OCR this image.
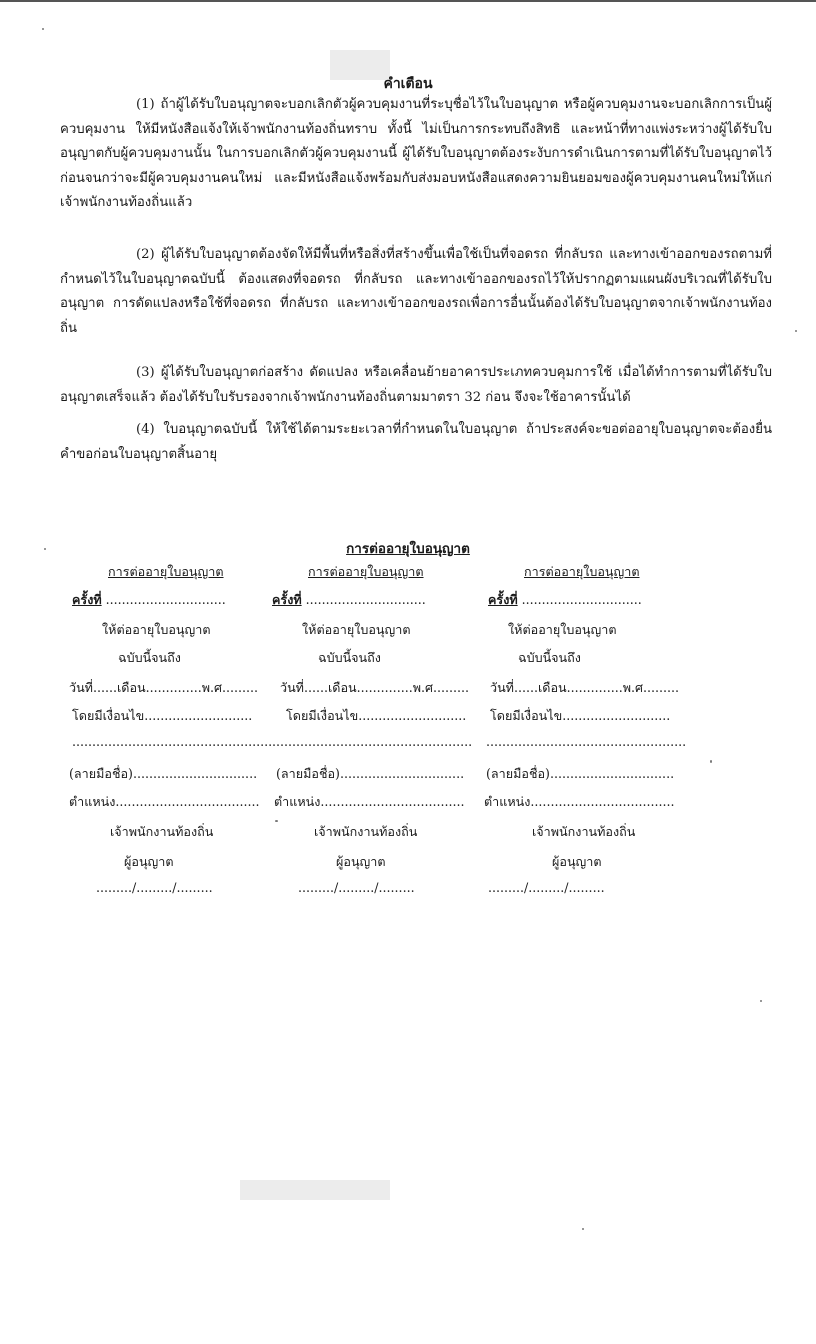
คำเตือน

(1) ถ้าผู้ได้รับใบอนุญาตจะบอกเลิกตัวผู้ควบคุมงานที่ระบุชื่อไว้ในใบอนุญาต หรือผู้ควบคุมงานจะบอกเลิกการเป็นผู้ควบคุมงาน ให้มีหนังสือแจ้งให้เจ้าพนักงานท้องถิ่นทราบ ทั้งนี้ ไม่เป็นการกระทบถึงสิทธิ และหน้าที่ทางแพ่งระหว่างผู้ได้รับใบอนุญาตกับผู้ควบคุมงานนั้น ในการบอกเลิกตัวผู้ควบคุมงานนี้ ผู้ได้รับใบอนุญาตต้องระงับการดำเนินการตามที่ได้รับใบอนุญาตไว้ก่อนจนกว่าจะมีผู้ควบคุมงานคนใหม่ และมีหนังสือแจ้งพร้อมกับส่งมอบหนังสือแสดงความยินยอมของผู้ควบคุมงานคนใหม่ให้แก่เจ้าพนักงานท้องถิ่นแล้ว

(2) ผู้ได้รับใบอนุญาตต้องจัดให้มีพื้นที่หรือสิ่งที่สร้างขึ้นเพื่อใช้เป็นที่จอดรถ ที่กลับรถ และทางเข้าออกของรถตามที่กำหนดไว้ในใบอนุญาตฉบับนี้ ต้องแสดงที่จอดรถ ที่กลับรถ และทางเข้าออกของรถไว้ให้ปรากฏตามแผนผังบริเวณที่ได้รับใบอนุญาต การดัดแปลงหรือใช้ที่จอดรถ ที่กลับรถ และทางเข้าออกของรถเพื่อการอื่นนั้นต้องได้รับใบอนุญาตจากเจ้าพนักงานท้องถิ่น

(3) ผู้ได้รับใบอนุญาตก่อสร้าง ดัดแปลง หรือเคลื่อนย้ายอาคารประเภทควบคุมการใช้ เมื่อได้ทำการตามที่ได้รับใบอนุญาตเสร็จแล้ว ต้องได้รับใบรับรองจากเจ้าพนักงานท้องถิ่นตามมาตรา 32 ก่อน จึงจะใช้อาคารนั้นได้

(4) ใบอนุญาตฉบับนี้ ให้ใช้ได้ตามระยะเวลาที่กำหนดในใบอนุญาต ถ้าประสงค์จะขอต่ออายุใบอนุญาตจะต้องยื่นคำขอก่อนใบอนุญาตสิ้นอายุ

การต่ออายุใบอนุญาต
การต่ออายุใบอนุญาต
ครั้งที่ ..............................
ให้ต่ออายุใบอนุญาต
ฉบับนี้จนถึง
วันที่......เดือน..............พ.ศ.........
โดยมีเงื่อนไข...........................
..................................................
(ลายมือชื่อ)...............................
ตำแหน่ง....................................
เจ้าพนักงานท้องถิ่น
ผู้อนุญาต
........./........./.........
การต่ออายุใบอนุญาต
ครั้งที่ ..............................
ให้ต่ออายุใบอนุญาต
ฉบับนี้จนถึง
วันที่......เดือน..............พ.ศ.........
โดยมีเงื่อนไข...........................
..................................................
(ลายมือชื่อ)...............................
ตำแหน่ง....................................
เจ้าพนักงานท้องถิ่น
ผู้อนุญาต
........./........./.........
การต่ออายุใบอนุญาต
ครั้งที่ ..............................
ให้ต่ออายุใบอนุญาต
ฉบับนี้จนถึง
วันที่......เดือน..............พ.ศ.........
โดยมีเงื่อนไข...........................
..................................................
(ลายมือชื่อ)...............................
ตำแหน่ง....................................
เจ้าพนักงานท้องถิ่น
ผู้อนุญาต
........./........./.........
